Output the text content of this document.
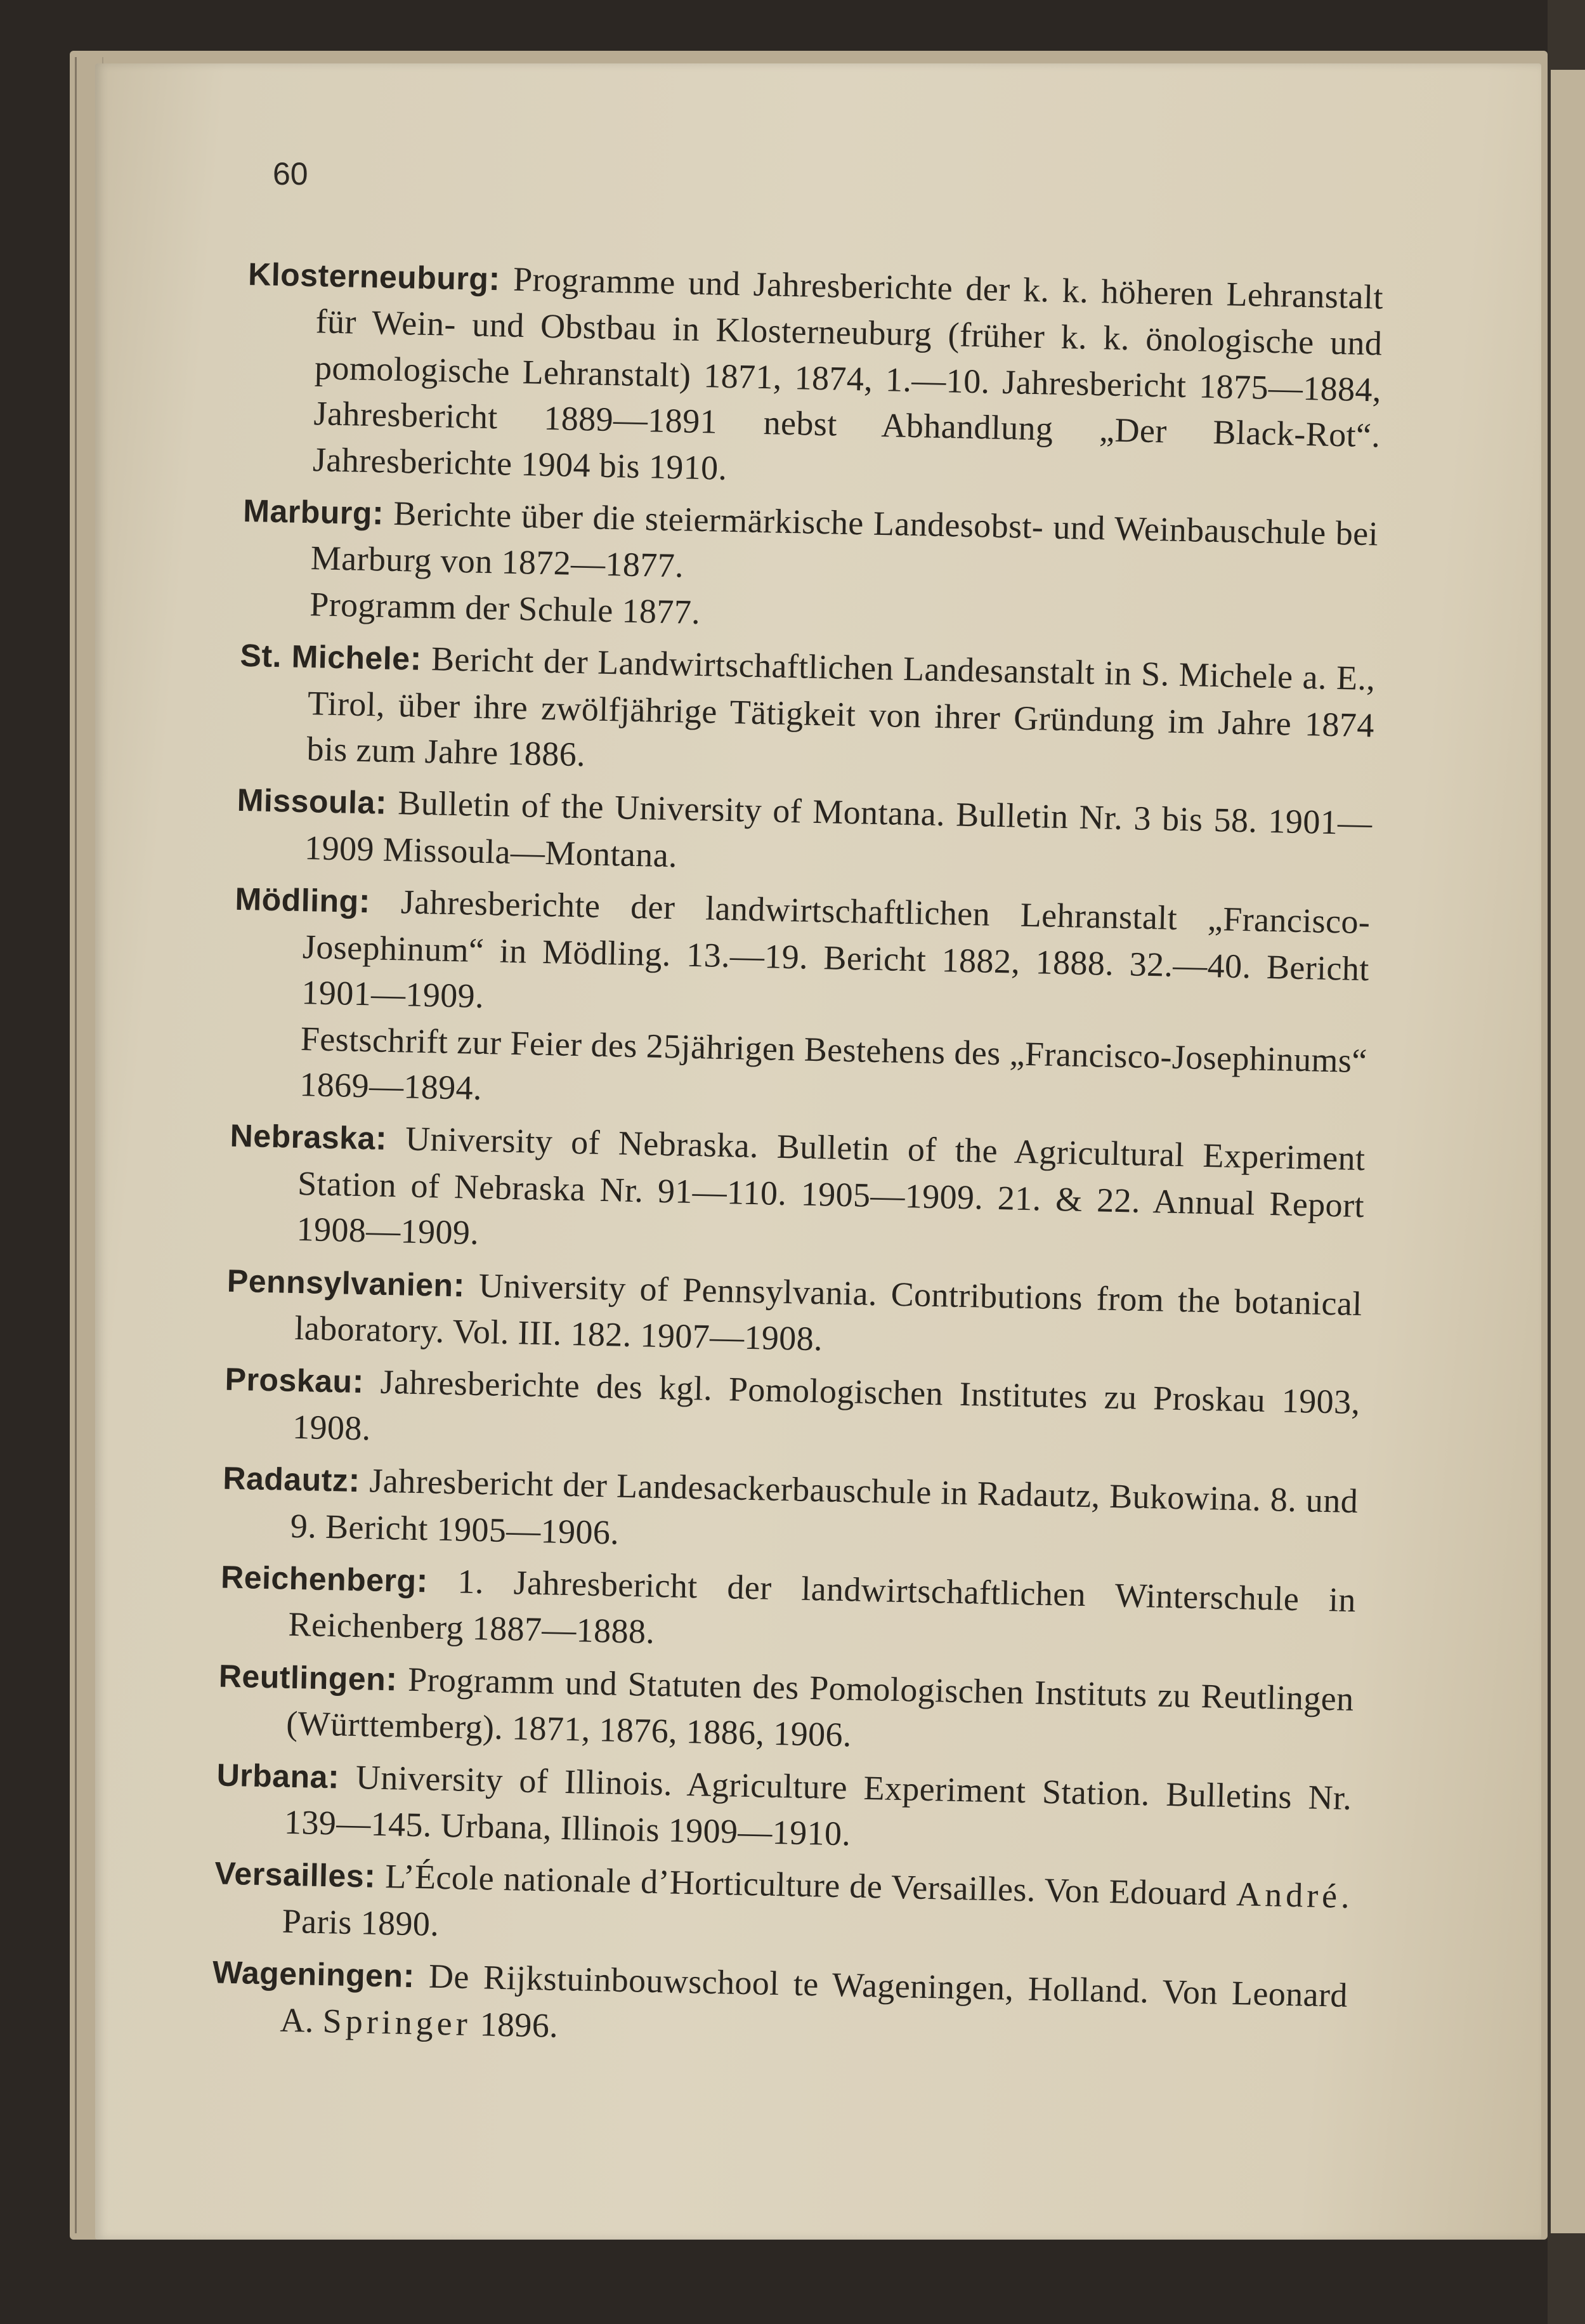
60

Klosterneuburg: Programme und Jahresberichte der k. k. höheren Lehranstalt für Wein- und Obstbau in Klosterneuburg (früher k. k. önologische und pomologische Lehranstalt) 1871, 1874, 1.—10. Jahresbericht 1875—1884, Jahresbericht 1889—1891 nebst Abhandlung „Der Black-Rot“. Jahresberichte 1904 bis 1910.

Marburg: Berichte über die steiermärkische Landesobst- und Weinbauschule bei Marburg von 1872—1877.

Programm der Schule 1877.

St. Michele: Bericht der Landwirtschaftlichen Landesanstalt in S. Michele a. E., Tirol, über ihre zwölfjährige Tätigkeit von ihrer Gründung im Jahre 1874 bis zum Jahre 1886.

Missoula: Bulletin of the University of Montana. Bulletin Nr. 3 bis 58. 1901—1909 Missoula—Montana.

Mödling: Jahresberichte der landwirtschaftlichen Lehranstalt „Francisco-Josephinum“ in Mödling. 13.—19. Bericht 1882, 1888. 32.—40. Bericht 1901—1909.

Festschrift zur Feier des 25jährigen Bestehens des „Francisco-Josephinums“ 1869—1894.

Nebraska: University of Nebraska. Bulletin of the Agricultural Experiment Station of Nebraska Nr. 91—110. 1905—1909. 21. & 22. Annual Report 1908—1909.

Pennsylvanien: University of Pennsylvania. Contributions from the botanical laboratory. Vol. III. 182. 1907—1908.

Proskau: Jahresberichte des kgl. Pomologischen Institutes zu Proskau 1903, 1908.

Radautz: Jahresbericht der Landesackerbauschule in Radautz, Bukowina. 8. und 9. Bericht 1905—1906.

Reichenberg: 1. Jahresbericht der landwirtschaftlichen Winterschule in Reichenberg 1887—1888.

Reutlingen: Programm und Statuten des Pomologischen Instituts zu Reutlingen (Württemberg). 1871, 1876, 1886, 1906.

Urbana: University of Illinois. Agriculture Experiment Station. Bulletins Nr. 139—145. Urbana, Illinois 1909—1910.

Versailles: L’École nationale d’Horticulture de Versailles. Von Edouard André. Paris 1890.

Wageningen: De Rijkstuinbouwschool te Wageningen, Holland. Von Leonard A. Springer 1896.
